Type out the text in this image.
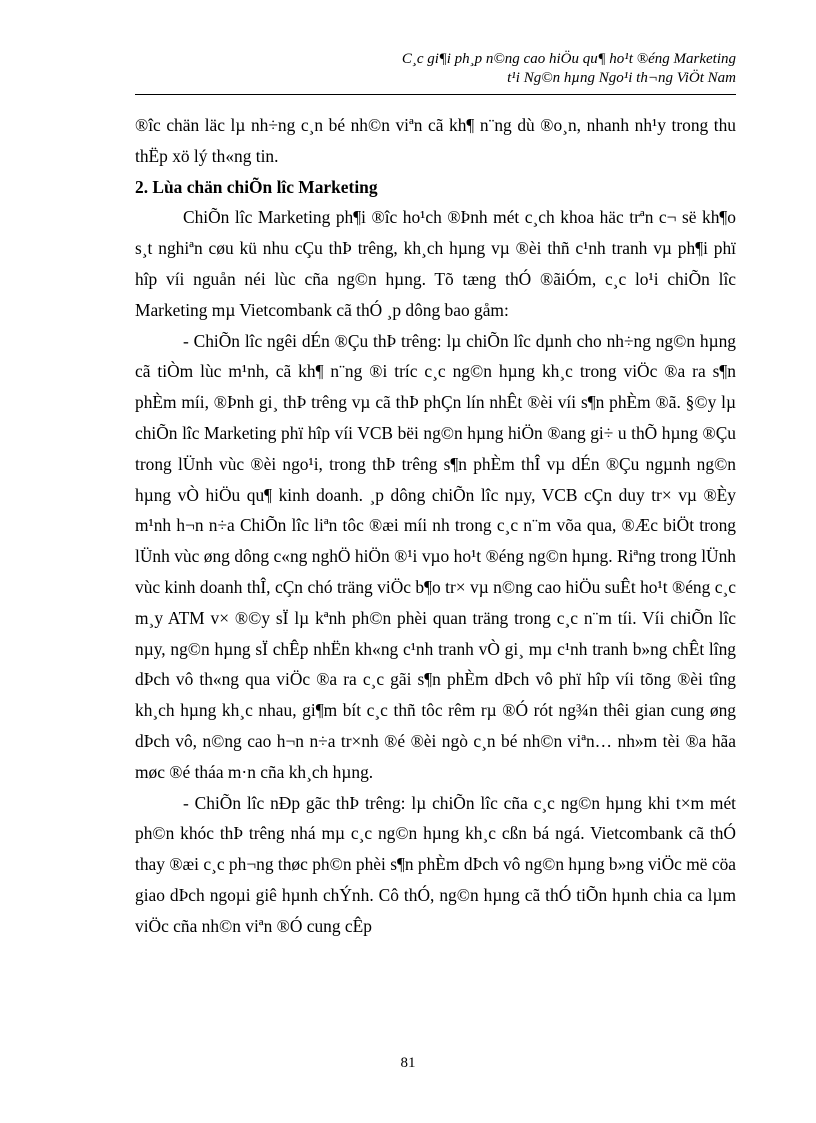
C¸c gi¶i ph¸p n©ng cao hiÖu qu¶ ho¹t ®éng Marketing
t¹i Ng©n hµng Ngo¹i th¬ng ViÖt Nam

®îc chän läc lµ nh÷ng c¸n bé nh©n viªn cã kh¶ n¨ng dù ®o¸n, nhanh nh¹y trong thu thËp xö lý th«ng tin.

2. Lùa chän chiÕn lîc Marketing

ChiÕn lîc Marketing ph¶i ®îc ho¹ch ®Þnh mét c¸ch khoa häc trªn c¬ së kh¶o s¸t nghiªn cøu kü nhu cÇu thÞ trêng, kh¸ch hµng vµ ®èi thñ c¹nh tranh vµ ph¶i phï hîp víi nguån néi lùc cña ng©n hµng. Tõ tæng thÓ ®ãiÓm, c¸c lo¹i chiÕn lîc Marketing mµ Vietcombank cã thÓ ¸p dông bao gåm:

- ChiÕn lîc ngêi dÉn ®Çu thÞ trêng: lµ chiÕn lîc dµnh cho nh÷ng ng©n hµng cã tiÒm lùc m¹nh, cã kh¶ n¨ng ®i tríc c¸c ng©n hµng kh¸c trong viÖc ®a ra s¶n phÈm míi, ®Þnh gi¸ thÞ trêng vµ cã thÞ phÇn lín nhÊt ®èi víi s¶n phÈm ®ã. §©y lµ chiÕn lîc Marketing phï hîp víi VCB bëi ng©n hµng hiÖn ®ang gi÷ u thÕ hµng ®Çu trong lÜnh vùc ®èi ngo¹i, trong thÞ trêng s¶n phÈm thÎ vµ dÉn ®Çu ngµnh ng©n hµng vÒ hiÖu qu¶ kinh doanh. ¸p dông chiÕn lîc nµy, VCB cÇn duy tr× vµ ®Èy m¹nh h¬n n÷a ChiÕn lîc liªn tôc ®æi míi nh trong c¸c n¨m võa qua, ®Æc biÖt trong lÜnh vùc øng dông c«ng nghÖ hiÖn ®¹i vµo ho¹t ®éng ng©n hµng. Riªng trong lÜnh vùc kinh doanh thÎ, cÇn chó träng viÖc b¶o tr× vµ n©ng cao hiÖu suÊt ho¹t ®éng c¸c m¸y ATM v× ®©y sÏ lµ kªnh ph©n phèi quan träng trong c¸c n¨m tíi. Víi chiÕn lîc nµy, ng©n hµng sÏ chÊp nhËn kh«ng c¹nh tranh vÒ gi¸ mµ c¹nh tranh b»ng chÊt lîng dÞch vô th«ng qua viÖc ®a ra c¸c gãi s¶n phÈm dÞch vô phï hîp víi tõng ®èi tîng kh¸ch hµng kh¸c nhau, gi¶m bít c¸c thñ tôc rêm rµ ®Ó rót ng¾n thêi gian cung øng dÞch vô, n©ng cao h¬n n÷a tr×nh ®é ®èi ngò c¸n bé nh©n viªn… nh»m tèi ®a hãa møc ®é tháa m·n cña kh¸ch hµng.

- ChiÕn lîc nÐp gãc thÞ trêng: lµ chiÕn lîc cña c¸c ng©n hµng khi t×m mét ph©n khóc thÞ trêng nhá mµ c¸c ng©n hµng kh¸c cßn bá ngá. Vietcombank cã thÓ thay ®æi c¸c ph¬ng thøc ph©n phèi s¶n phÈm dÞch vô ng©n hµng b»ng viÖc më cöa giao dÞch ngoµi giê hµnh chÝnh. Cô thÓ, ng©n hµng cã thÓ tiÕn hµnh chia ca lµm viÖc cña nh©n viªn ®Ó cung cÊp

81
